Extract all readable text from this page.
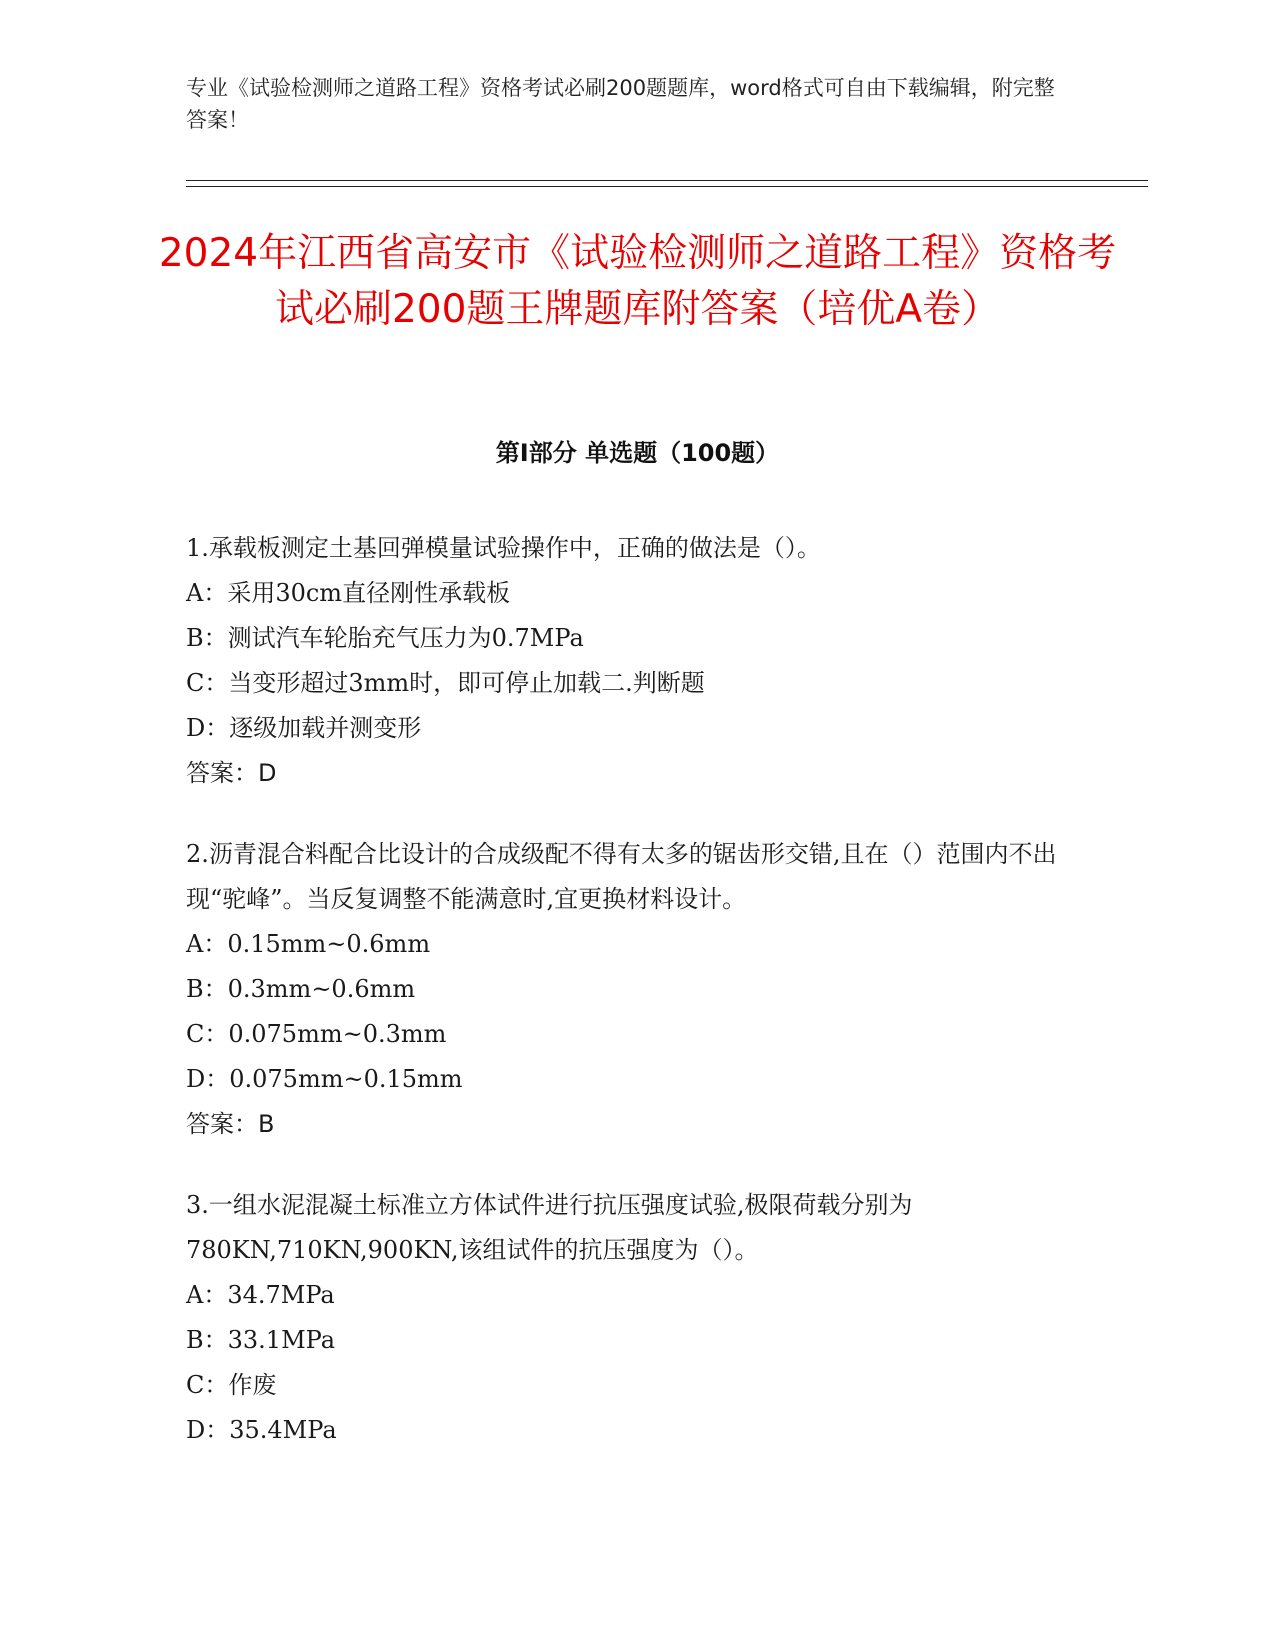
专业《试验检测师之道路工程》资格考试必刷200题题库，word格式可自由下载编辑，附完整答案！
2024年江西省高安市《试验检测师之道路工程》资格考试必刷200题王牌题库附答案（培优A卷）
第Ⅰ部分 单选题（100题）

1.承载板测定土基回弹模量试验操作中，正确的做法是（）。

A：采用30cm直径刚性承载板

B：测试汽车轮胎充气压力为0.7MPa

C：当变形超过3mm时，即可停止加载二.判断题

D：逐级加载并测变形

答案：D

2.沥青混合料配合比设计的合成级配不得有太多的锯齿形交错,且在（）范围内不出现“驼峰”。当反复调整不能满意时,宜更换材料设计。

A：0.15mm~0.6mm

B：0.3mm~0.6mm

C：0.075mm~0.3mm

D：0.075mm~0.15mm

答案：B

3.一组水泥混凝土标准立方体试件进行抗压强度试验,极限荷载分别为780KN,710KN,900KN,该组试件的抗压强度为（）。

A：34.7MPa

B：33.1MPa

C：作废

D：35.4MPa
